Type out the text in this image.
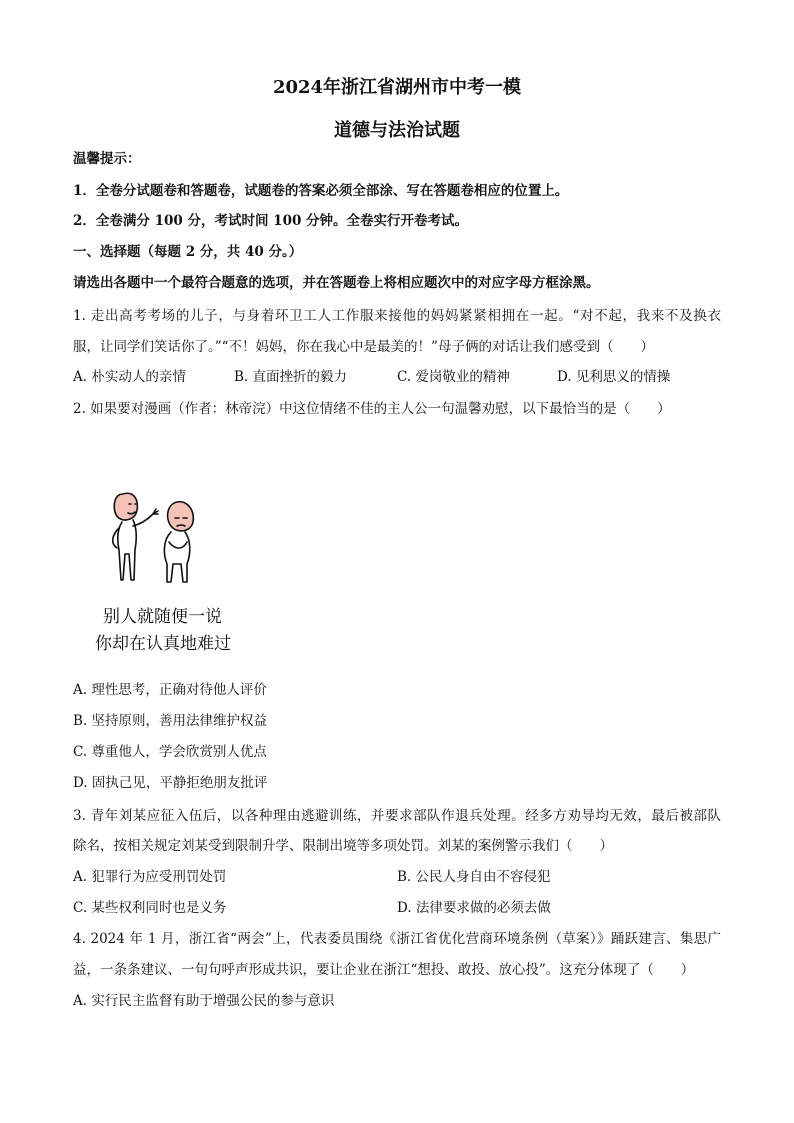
2024年浙江省湖州市中考一模
道德与法治试题
温馨提示：
1．全卷分试题卷和答题卷，试题卷的答案必须全部涂、写在答题卷相应的位置上。
2．全卷满分 100 分，考试时间 100 分钟。全卷实行开卷考试。
一、选择题（每题 2 分，共 40 分。）
请选出各题中一个最符合题意的选项，并在答题卷上将相应题次中的对应字母方框涂黑。
1. 走出高考考场的儿子，与身着环卫工人工作服来接他的妈妈紧紧相拥在一起。“对不起，我来不及换衣
服，让同学们笑话你了。”“不！妈妈，你在我心中是最美的！”母子俩的对话让我们感受到（　　）
A. 朴实动人的亲情	B. 直面挫折的毅力	C. 爱岗敬业的精神	D. 见利思义的情操
2. 如果要对漫画（作者：林帝浣）中这位情绪不佳的主人公一句温馨劝慰，以下最恰当的是（　　）
别人就随便一说
你却在认真地难过
A. 理性思考，正确对待他人评价
B. 坚持原则，善用法律维护权益
C. 尊重他人，学会欣赏别人优点
D. 固执己见，平静拒绝朋友批评
3. 青年刘某应征入伍后，以各种理由逃避训练，并要求部队作退兵处理。经多方劝导均无效，最后被部队
除名，按相关规定刘某受到限制升学、限制出境等多项处罚。刘某的案例警示我们（　　）
A. 犯罪行为应受刑罚处罚	B. 公民人身自由不容侵犯
C. 某些权利同时也是义务	D. 法律要求做的必须去做
4. 2024 年 1 月，浙江省“两会”上，代表委员围绕《浙江省优化营商环境条例（草案）》踊跃建言、集思广
益，一条条建议、一句句呼声形成共识，要让企业在浙江“想投、敢投、放心投”。这充分体现了（　　）
A. 实行民主监督有助于增强公民的参与意识
